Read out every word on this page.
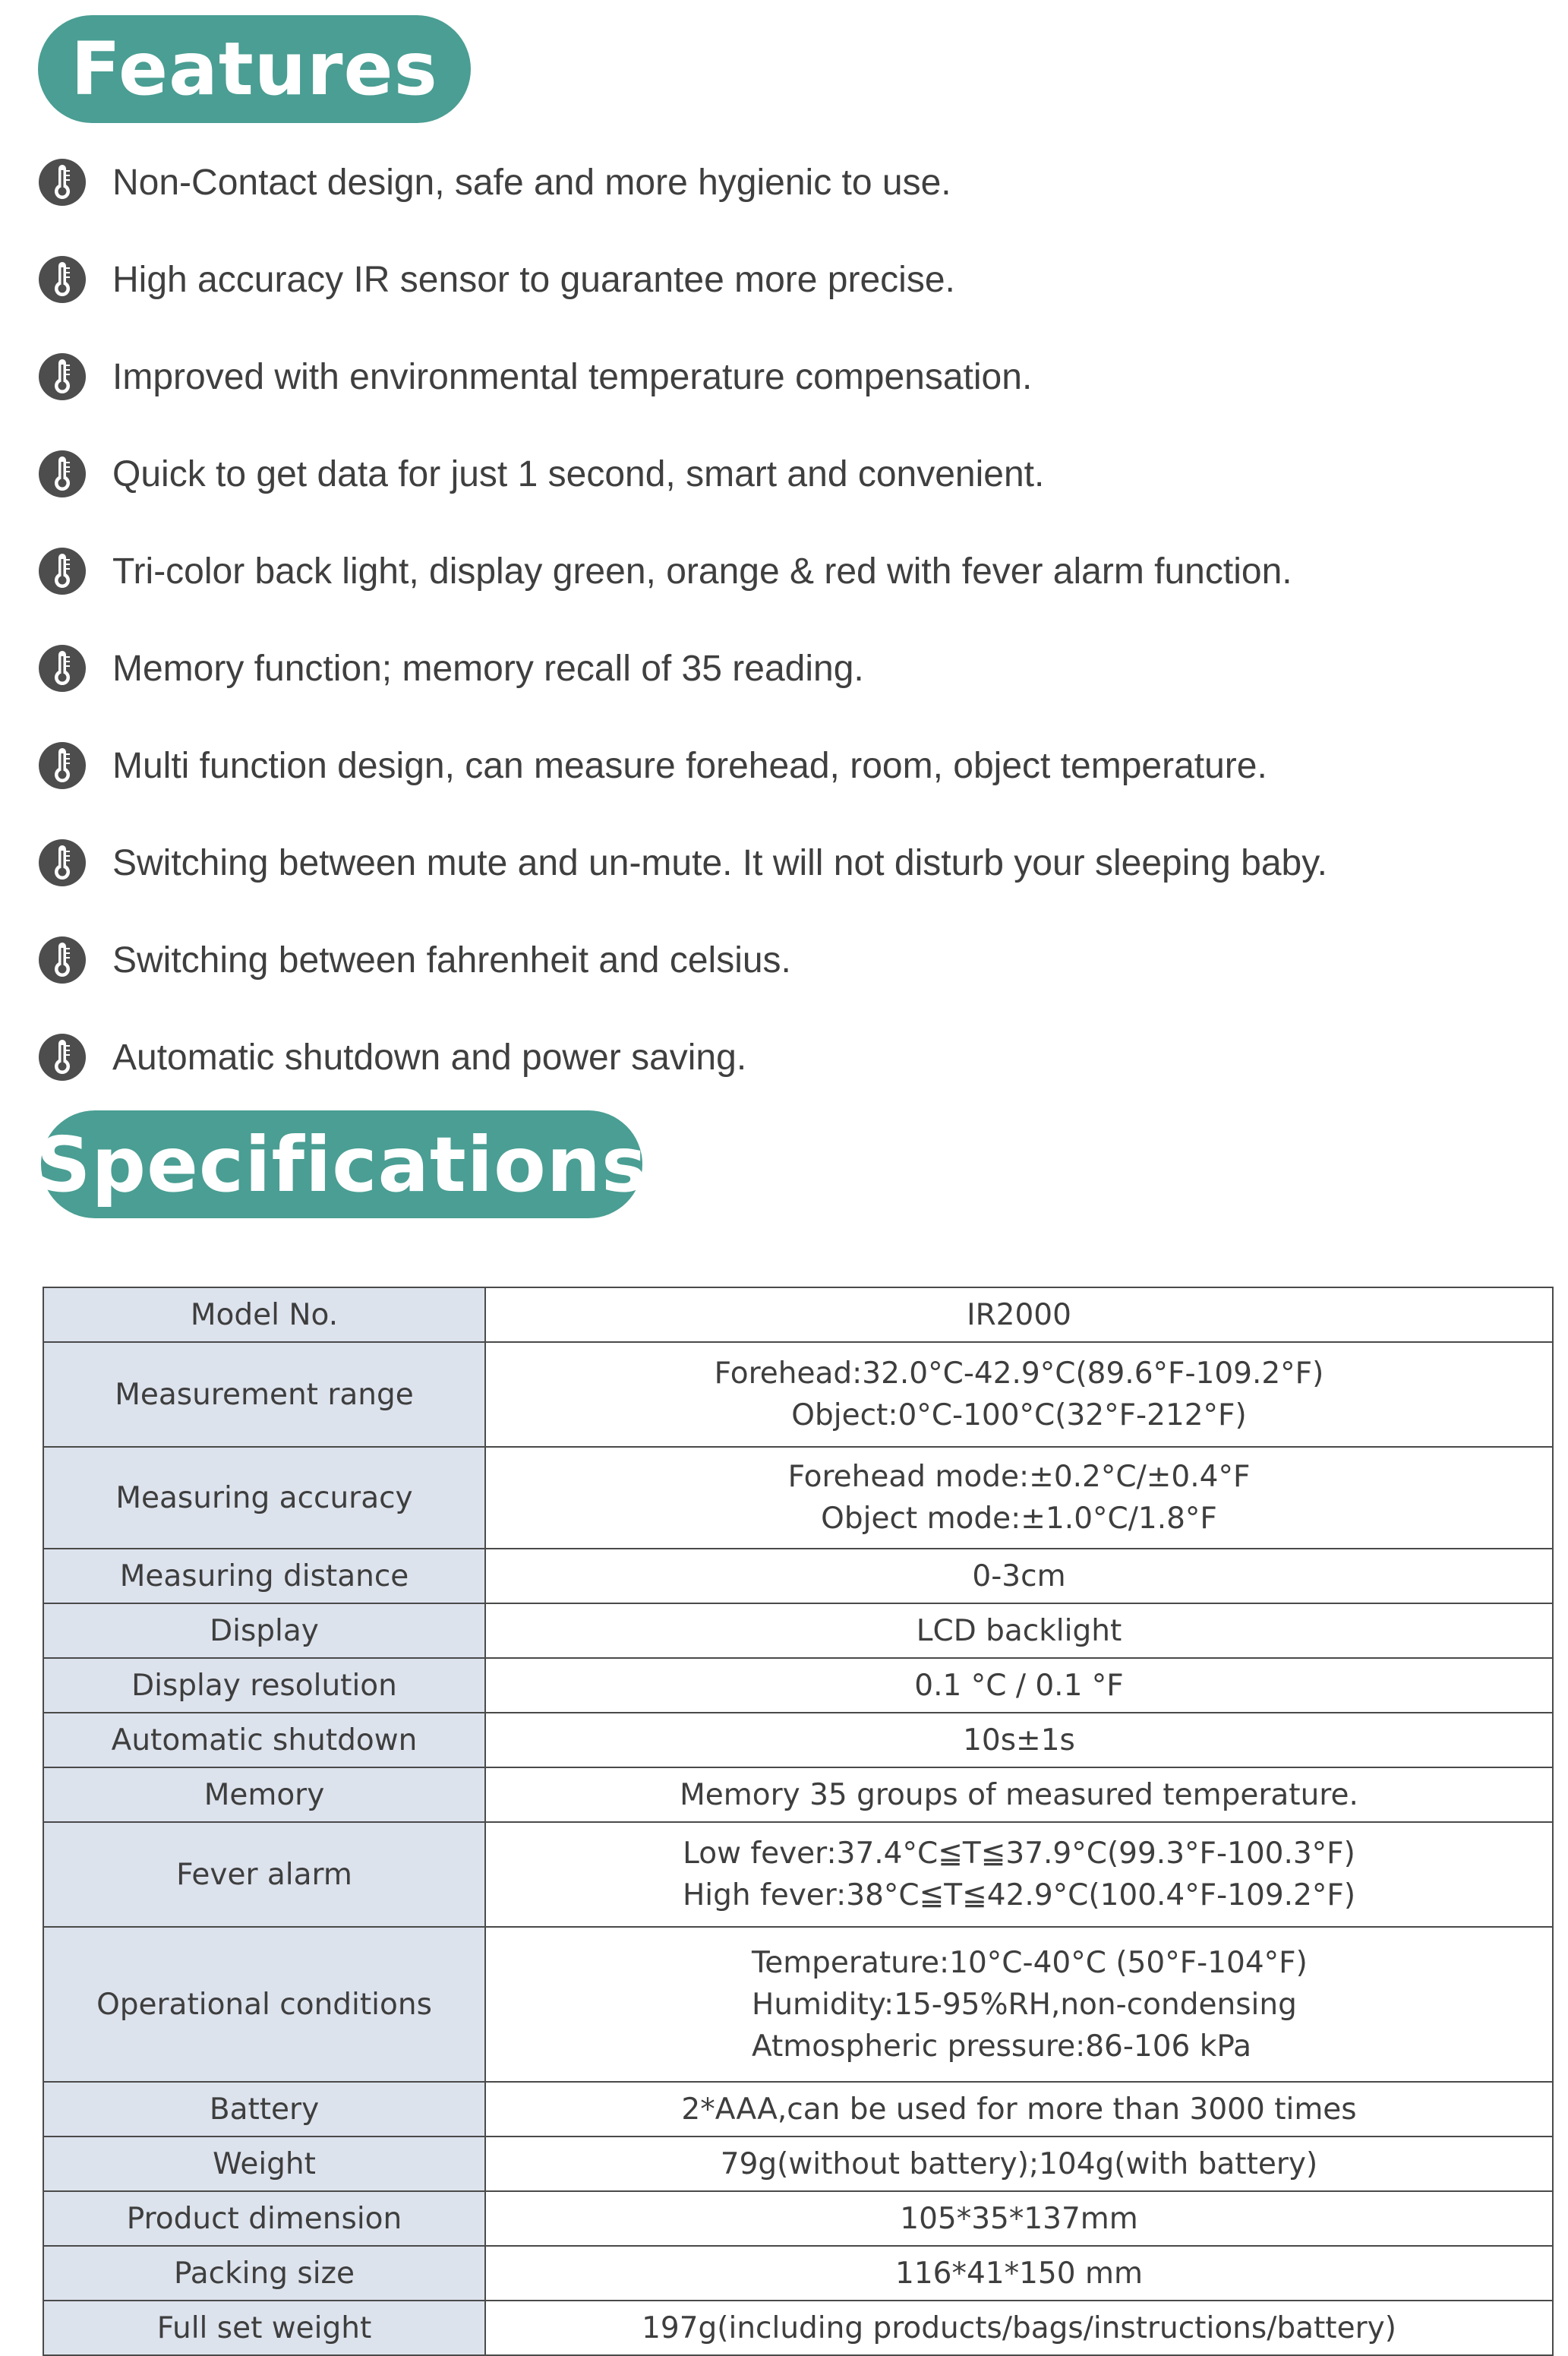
Features
Non-Contact design, safe and more hygienic to use.
High accuracy IR sensor to guarantee more precise.
Improved with environmental temperature compensation.
Quick to get data for just 1 second, smart and convenient.
Tri-color back light, display green, orange & red with fever alarm function.
Memory function; memory recall of 35 reading.
Multi function design, can measure forehead, room, object temperature.
Switching between mute and un-mute. It will not disturb your sleeping baby.
Switching between fahrenheit and celsius.
Automatic shutdown and power saving.
Specifications
Model No.	IR2000

Measurement range	Forehead:32.0°C-42.9°C(89.6°F-109.2°F)
Object:0°C-100°C(32°F-212°F)

Measuring accuracy	Forehead mode:±0.2°C/±0.4°F
Object mode:±1.0°C/1.8°F

Measuring distance	0-3cm

Display	LCD backlight

Display resolution	0.1 °C / 0.1 °F

Automatic shutdown	10s±1s

Memory	Memory 35 groups of measured temperature.

Fever alarm	Low fever:37.4°C≦T≦37.9°C(99.3°F-100.3°F)
High fever:38°C≦T≦42.9°C(100.4°F-109.2°F)

Operational conditions	Temperature:10°C-40°C (50°F-104°F)
Humidity:15-95%RH,non-condensing
Atmospheric pressure:86-106 kPa

Battery	2*AAA,can be used for more than 3000 times

Weight	79g(without battery);104g(with battery)

Product dimension	105*35*137mm

Packing size	116*41*150 mm

Full set weight	197g(including products/bags/instructions/battery)
